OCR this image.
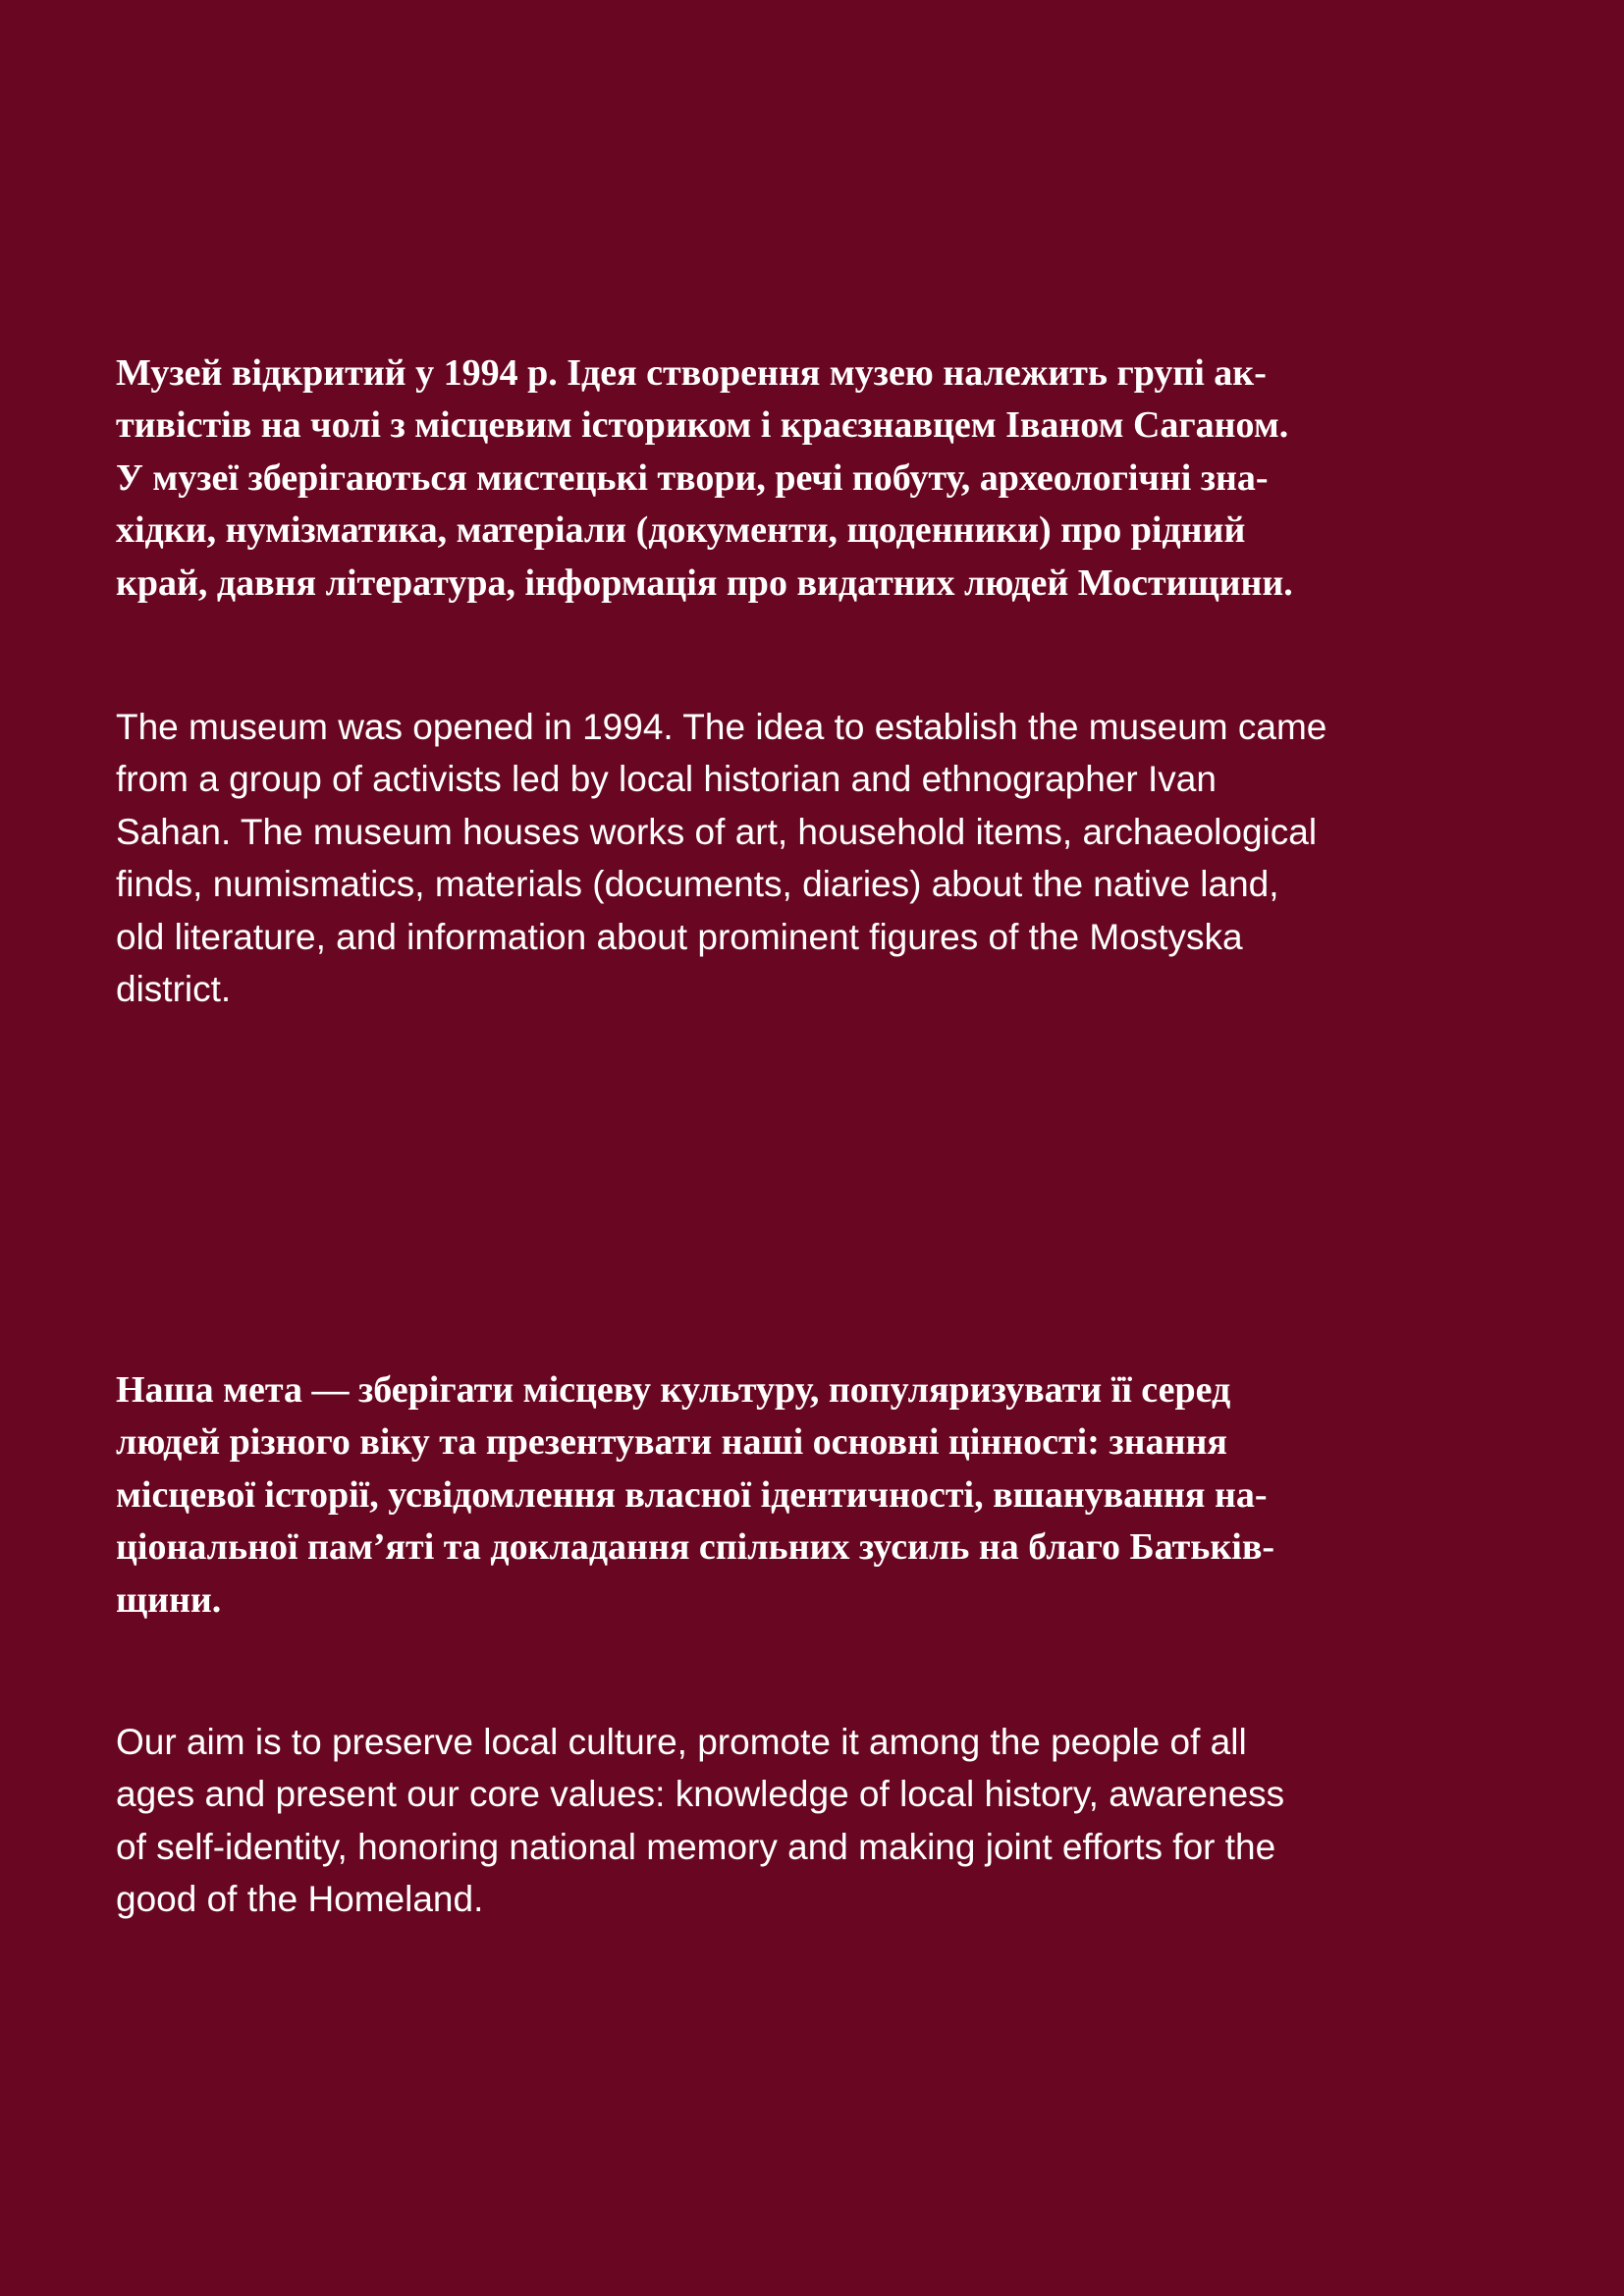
Музей відкритий у 1994 р. Ідея створення музею належить групі ак-
тивістів на чолі з місцевим істориком і краєзнавцем Іваном Саганом.
У музеї зберігаються мистецькі твори, речі побуту, археологічні зна-
хідки, нумізматика, матеріали (документи, щоденники) про рідний
край, давня література, інформація про видатних людей Мостищини.

The museum was opened in 1994. The idea to establish the museum came
from a group of activists led by local historian and ethnographer Ivan
Sahan. The museum houses works of art, household items, archaeological
finds, numismatics, materials (documents, diaries) about the native land,
old literature, and information about prominent figures of the Mostyska
district.

Наша мета — зберігати місцеву культуру, популяризувати її серед
людей різного віку та презентувати наші основні цінності: знання
місцевої історії, усвідомлення власної ідентичності, вшанування на-
ціональної пам’яті та докладання спільних зусиль на благо Батьків-
щини.

Our aim is to preserve local culture, promote it among the people of all
ages and present our core values: knowledge of local history, awareness
of self-identity, honoring national memory and making joint efforts for the
good of the Homeland.
